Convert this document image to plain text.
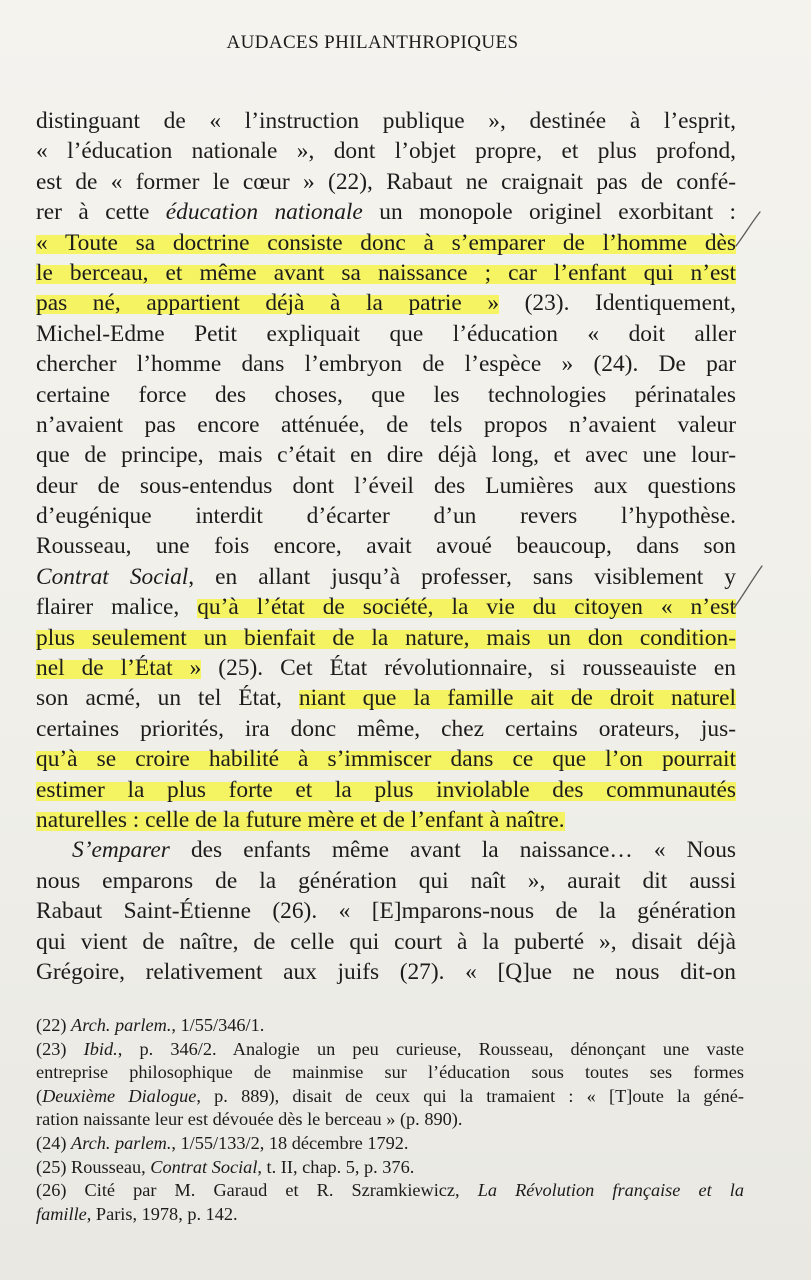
AUDACES PHILANTHROPIQUES
distinguant de « l’instruction publique », destinée à l’esprit,
« l’éducation nationale », dont l’objet propre, et plus profond,
est de « former le cœur » (22), Rabaut ne craignait pas de confé-
rer à cette éducation nationale un monopole originel exorbitant :
« Toute sa doctrine consiste donc à s’emparer de l’homme dès
le berceau, et même avant sa naissance ; car l’enfant qui n’est
pas né, appartient déjà à la patrie » (23). Identiquement,
Michel-Edme Petit expliquait que l’éducation « doit aller
chercher l’homme dans l’embryon de l’espèce » (24). De par
certaine force des choses, que les technologies périnatales
n’avaient pas encore atténuée, de tels propos n’avaient valeur
que de principe, mais c’était en dire déjà long, et avec une lour-
deur de sous-entendus dont l’éveil des Lumières aux questions
d’eugénique interdit d’écarter d’un revers l’hypothèse.
Rousseau, une fois encore, avait avoué beaucoup, dans son
Contrat Social, en allant jusqu’à professer, sans visiblement y
flairer malice, qu’à l’état de société, la vie du citoyen « n’est
plus seulement un bienfait de la nature, mais un don condition-
nel de l’État » (25). Cet État révolutionnaire, si rousseauiste en
son acmé, un tel État, niant que la famille ait de droit naturel
certaines priorités, ira donc même, chez certains orateurs, jus-
qu’à se croire habilité à s’immiscer dans ce que l’on pourrait
estimer la plus forte et la plus inviolable des communautés
naturelles : celle de la future mère et de l’enfant à naître.
S’emparer des enfants même avant la naissance… « Nous
nous emparons de la génération qui naît », aurait dit aussi
Rabaut Saint-Étienne (26). « [E]mparons-nous de la génération
qui vient de naître, de celle qui court à la puberté », disait déjà
Grégoire, relativement aux juifs (27). « [Q]ue ne nous dit-on
(22) Arch. parlem., 1/55/346/1.
(23) Ibid., p. 346/2. Analogie un peu curieuse, Rousseau, dénonçant une vaste
entreprise philosophique de mainmise sur l’éducation sous toutes ses formes
(Deuxième Dialogue, p. 889), disait de ceux qui la tramaient : « [T]oute la géné-
ration naissante leur est dévouée dès le berceau » (p. 890).
(24) Arch. parlem., 1/55/133/2, 18 décembre 1792.
(25) Rousseau, Contrat Social, t. II, chap. 5, p. 376.
(26) Cité par M. Garaud et R. Szramkiewicz, La Révolution française et la
famille, Paris, 1978, p. 142.
